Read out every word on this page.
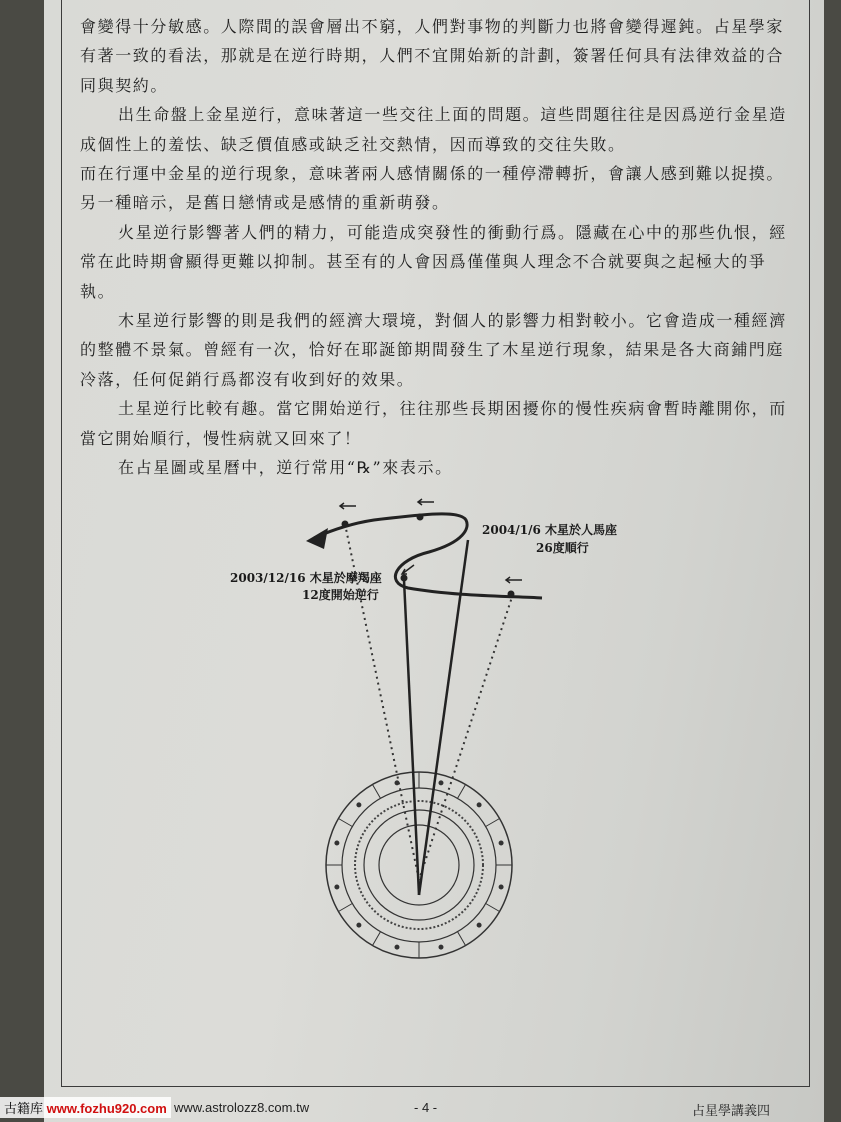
會變得十分敏感。人際間的誤會層出不窮，人們對事物的判斷力也將會變得遲鈍。占星學家有著一致的看法，那就是在逆行時期，人們不宜開始新的計劃，簽署任何具有法律效益的合同與契約。

出生命盤上金星逆行，意味著這一些交往上面的問題。這些問題往往是因爲逆行金星造成個性上的羞怯、缺乏價值感或缺乏社交熱情，因而導致的交往失敗。

而在行運中金星的逆行現象，意味著兩人感情關係的一種停滯轉折，會讓人感到難以捉摸。另一種暗示，是舊日戀情或是感情的重新萌發。

火星逆行影響著人們的精力，可能造成突發性的衝動行爲。隱藏在心中的那些仇恨，經常在此時期會顯得更難以抑制。甚至有的人會因爲僅僅與人理念不合就要與之起極大的爭執。

木星逆行影響的則是我們的經濟大環境，對個人的影響力相對較小。它會造成一種經濟的整體不景氣。曾經有一次，恰好在耶誕節期間發生了木星逆行現象，結果是各大商鋪門庭冷落，任何促銷行爲都沒有收到好的效果。

土星逆行比較有趣。當它開始逆行，往往那些長期困擾你的慢性疾病會暫時離開你，而當它開始順行，慢性病就又回來了！

在占星圖或星曆中，逆行常用“℞”來表示。

2004/1/6 木星於人馬座
26度順行
2003/12/16 木星於摩羯座
12度開始逆行
www.astrolozz8.com.tw	- 4 -	占星學講義四
古籍库 www.fozhu920.com
